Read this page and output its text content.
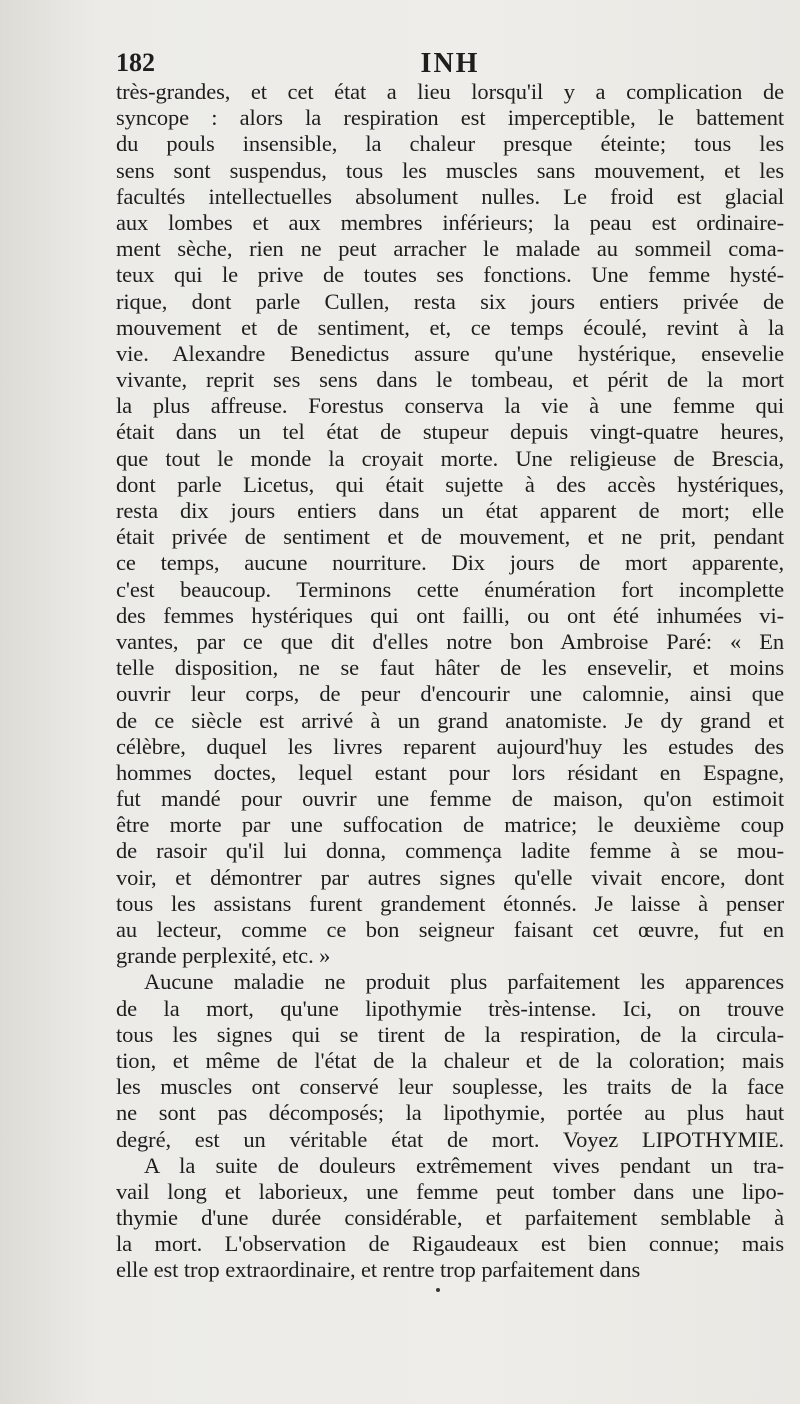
182	INH
très-grandes, et cet état a lieu lorsqu'il y a complication de
syncope : alors la respiration est imperceptible, le battement
du pouls insensible, la chaleur presque éteinte; tous les
sens sont suspendus, tous les muscles sans mouvement, et les
facultés intellectuelles absolument nulles. Le froid est glacial
aux lombes et aux membres inférieurs; la peau est ordinaire-
ment sèche, rien ne peut arracher le malade au sommeil coma-
teux qui le prive de toutes ses fonctions. Une femme hysté-
rique, dont parle Cullen, resta six jours entiers privée de
mouvement et de sentiment, et, ce temps écoulé, revint à la
vie. Alexandre Benedictus assure qu'une hystérique, ensevelie
vivante, reprit ses sens dans le tombeau, et périt de la mort
la plus affreuse. Forestus conserva la vie à une femme qui
était dans un tel état de stupeur depuis vingt-quatre heures,
que tout le monde la croyait morte. Une religieuse de Brescia,
dont parle Licetus, qui était sujette à des accès hystériques,
resta dix jours entiers dans un état apparent de mort; elle
était privée de sentiment et de mouvement, et ne prit, pendant
ce temps, aucune nourriture. Dix jours de mort apparente,
c'est beaucoup. Terminons cette énumération fort incomplette
des femmes hystériques qui ont failli, ou ont été inhumées vi-
vantes, par ce que dit d'elles notre bon Ambroise Paré: « En
telle disposition, ne se faut hâter de les ensevelir, et moins
ouvrir leur corps, de peur d'encourir une calomnie, ainsi que
de ce siècle est arrivé à un grand anatomiste. Je dy grand et
célèbre, duquel les livres reparent aujourd'huy les estudes des
hommes doctes, lequel estant pour lors résidant en Espagne,
fut mandé pour ouvrir une femme de maison, qu'on estimoit
être morte par une suffocation de matrice; le deuxième coup
de rasoir qu'il lui donna, commença ladite femme à se mou-
voir, et démontrer par autres signes qu'elle vivait encore, dont
tous les assistans furent grandement étonnés. Je laisse à penser
au lecteur, comme ce bon seigneur faisant cet œuvre, fut en
grande perplexité, etc. »
Aucune maladie ne produit plus parfaitement les apparences
de la mort, qu'une lipothymie très-intense. Ici, on trouve
tous les signes qui se tirent de la respiration, de la circula-
tion, et même de l'état de la chaleur et de la coloration; mais
les muscles ont conservé leur souplesse, les traits de la face
ne sont pas décomposés; la lipothymie, portée au plus haut
degré, est un véritable état de mort. Voyez LIPOTHYMIE.
A la suite de douleurs extrêmement vives pendant un tra-
vail long et laborieux, une femme peut tomber dans une lipo-
thymie d'une durée considérable, et parfaitement semblable à
la mort. L'observation de Rigaudeaux est bien connue; mais
elle est trop extraordinaire, et rentre trop parfaitement dans
